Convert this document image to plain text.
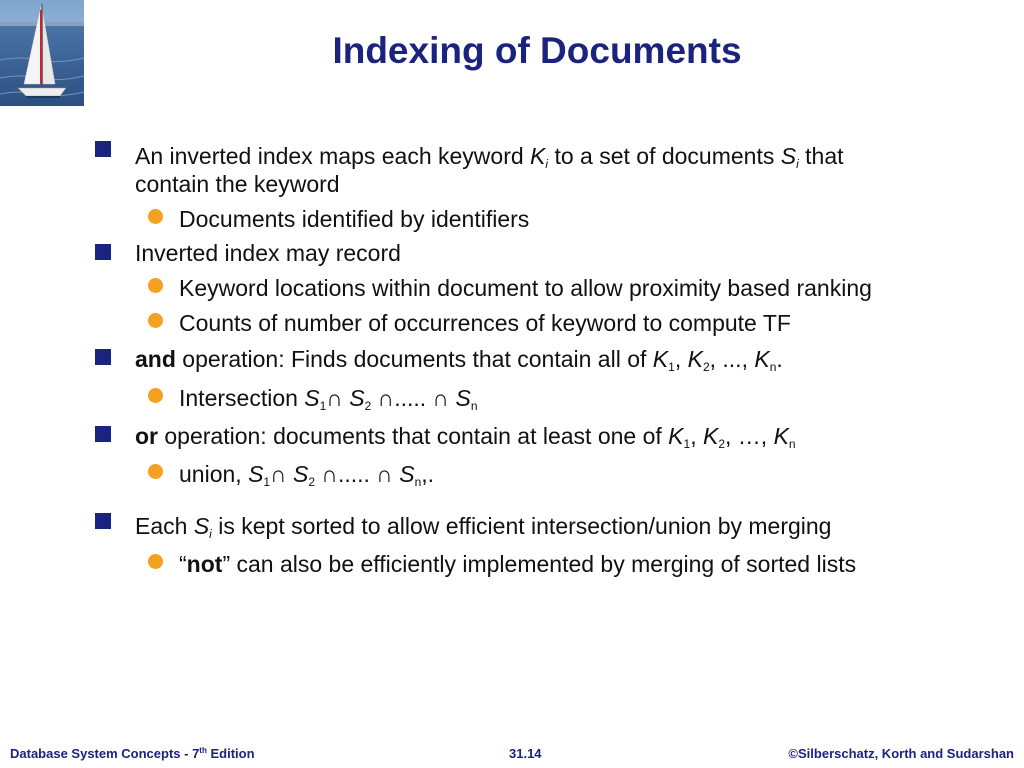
Indexing of Documents
An inverted index maps each keyword $K_i$ to a set of documents $S_i$ that
contain the keyword
Documents identified by identifiers
Inverted index may record
Keyword locations within document to allow proximity based ranking
Counts of number of occurrences of keyword to compute TF
and operation: Finds documents that contain all of $K_1$, $K_2$, ..., $K_n$.
Intersection $S_1\cap$ $S_2$ ∩..... ∩ $S_n$
or operation: documents that contain at least one of $K_1$, $K_2$, …, $K_n$
union, $S_1\cap$ $S_2$ ∩..... ∩ $S_n$,.
Each $S_i$ is kept sorted to allow efficient intersection/union by merging
“not” can also be efficiently implemented by merging of sorted lists
Database System Concepts - 7th Edition	31.14	©Silberschatz, Korth and Sudarshan
